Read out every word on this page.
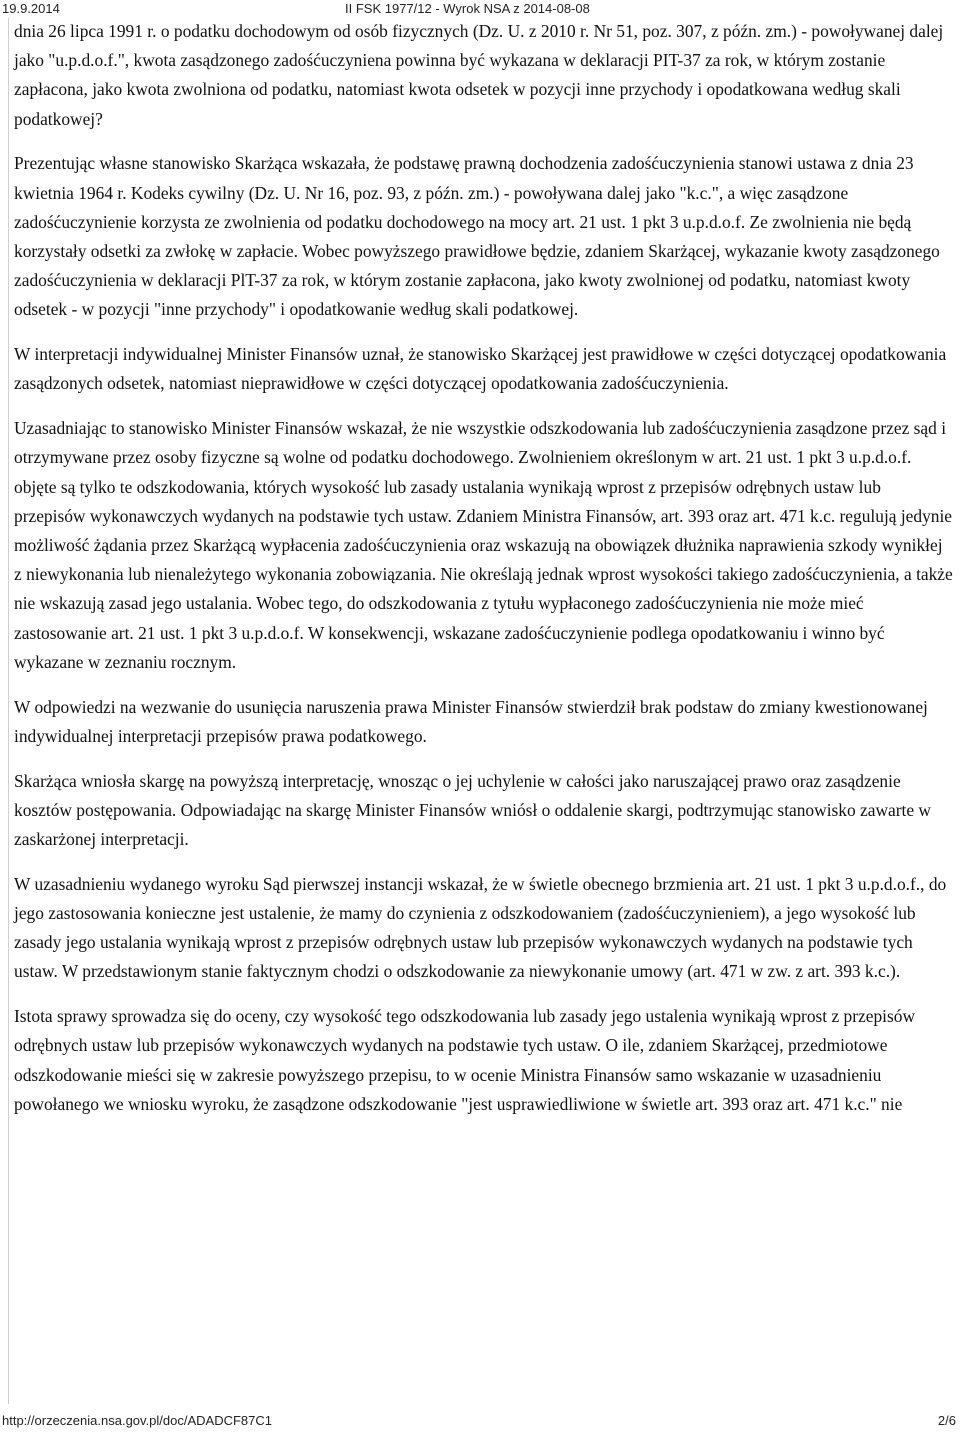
19.9.2014	II FSK 1977/12 - Wyrok NSA z 2014-08-08

dnia 26 lipca 1991 r. o podatku dochodowym od osób fizycznych (Dz. U. z 2010 r. Nr 51, poz. 307, z późn. zm.) - powoływanej dalej jako "u.p.d.o.f.", kwota zasądzonego zadośćuczyniena powinna być wykazana w deklaracji PIT-37 za rok, w którym zostanie zapłacona, jako kwota zwolniona od podatku, natomiast kwota odsetek w pozycji inne przychody i opodatkowana według skali podatkowej?

Prezentując własne stanowisko Skarżąca wskazała, że podstawę prawną dochodzenia zadośćuczynienia stanowi ustawa z dnia 23 kwietnia 1964 r. Kodeks cywilny (Dz. U. Nr 16, poz. 93, z późn. zm.) - powoływana dalej jako "k.c.", a więc zasądzone zadośćuczynienie korzysta ze zwolnienia od podatku dochodowego na mocy art. 21 ust. 1 pkt 3 u.p.d.o.f. Ze zwolnienia nie będą korzystały odsetki za zwłokę w zapłacie. Wobec powyższego prawidłowe będzie, zdaniem Skarżącej, wykazanie kwoty zasądzonego zadośćuczynienia w deklaracji PlT-37 za rok, w którym zostanie zapłacona, jako kwoty zwolnionej od podatku, natomiast kwoty odsetek - w pozycji "inne przychody" i opodatkowanie według skali podatkowej.

W interpretacji indywidualnej Minister Finansów uznał, że stanowisko Skarżącej jest prawidłowe w części dotyczącej opodatkowania zasądzonych odsetek, natomiast nieprawidłowe w części dotyczącej opodatkowania zadośćuczynienia.

Uzasadniając to stanowisko Minister Finansów wskazał, że nie wszystkie odszkodowania lub zadośćuczynienia zasądzone przez sąd i otrzymywane przez osoby fizyczne są wolne od podatku dochodowego. Zwolnieniem określonym w art. 21 ust. 1 pkt 3 u.p.d.o.f. objęte są tylko te odszkodowania, których wysokość lub zasady ustalania wynikają wprost z przepisów odrębnych ustaw lub przepisów wykonawczych wydanych na podstawie tych ustaw. Zdaniem Ministra Finansów, art. 393 oraz art. 471 k.c. regulują jedynie możliwość żądania przez Skarżącą wypłacenia zadośćuczynienia oraz wskazują na obowiązek dłużnika naprawienia szkody wynikłej z niewykonania lub nienależytego wykonania zobowiązania. Nie określają jednak wprost wysokości takiego zadośćuczynienia, a także nie wskazują zasad jego ustalania. Wobec tego, do odszkodowania z tytułu wypłaconego zadośćuczynienia nie może mieć zastosowanie art. 21 ust. 1 pkt 3 u.p.d.o.f. W konsekwencji, wskazane zadośćuczynienie podlega opodatkowaniu i winno być wykazane w zeznaniu rocznym.

W odpowiedzi na wezwanie do usunięcia naruszenia prawa Minister Finansów stwierdził brak podstaw do zmiany kwestionowanej indywidualnej interpretacji przepisów prawa podatkowego.

Skarżąca wniosła skargę na powyższą interpretację, wnosząc o jej uchylenie w całości jako naruszającej prawo oraz zasądzenie kosztów postępowania. Odpowiadając na skargę Minister Finansów wniósł o oddalenie skargi, podtrzymując stanowisko zawarte w zaskarżonej interpretacji.

W uzasadnieniu wydanego wyroku Sąd pierwszej instancji wskazał, że w świetle obecnego brzmienia art. 21 ust. 1 pkt 3 u.p.d.o.f., do jego zastosowania konieczne jest ustalenie, że mamy do czynienia z odszkodowaniem (zadośćuczynieniem), a jego wysokość lub zasady jego ustalania wynikają wprost z przepisów odrębnych ustaw lub przepisów wykonawczych wydanych na podstawie tych ustaw. W przedstawionym stanie faktycznym chodzi o odszkodowanie za niewykonanie umowy (art. 471 w zw. z art. 393 k.c.).

Istota sprawy sprowadza się do oceny, czy wysokość tego odszkodowania lub zasady jego ustalenia wynikają wprost z przepisów odrębnych ustaw lub przepisów wykonawczych wydanych na podstawie tych ustaw. O ile, zdaniem Skarżącej, przedmiotowe odszkodowanie mieści się w zakresie powyższego przepisu, to w ocenie Ministra Finansów samo wskazanie w uzasadnieniu powołanego we wniosku wyroku, że zasądzone odszkodowanie "jest usprawiedliwione w świetle art. 393 oraz art. 471 k.c." nie

http://orzeczenia.nsa.gov.pl/doc/ADADCF87C1	2/6
